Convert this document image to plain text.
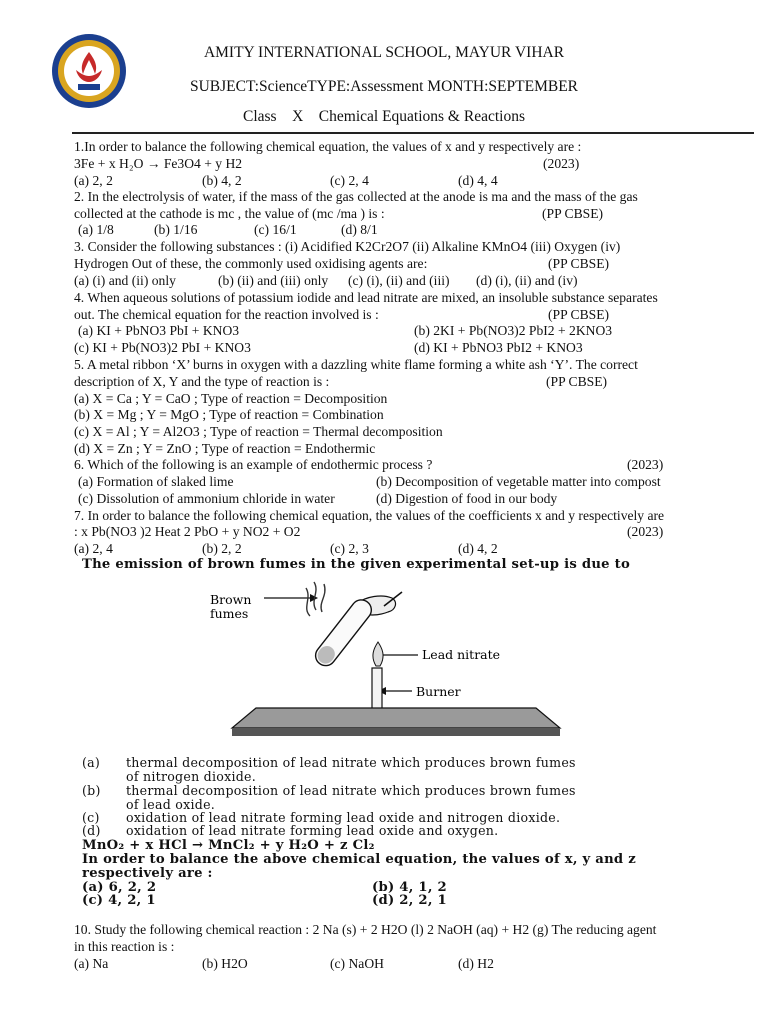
AMITY INTERNATIONAL SCHOOL, MAYUR VIHAR
SUBJECT:ScienceTYPE:Assessment MONTH:SEPTEMBER
Class X Chemical Equations & Reactions
1.In order to balance the following chemical equation, the values of x and y respectively are :
3Fe + x H₂O → Fe3O4 + y H2	(2023)
(a) 2, 2	(b) 4, 2	(c) 2, 4	(d) 4, 4
2. In the electrolysis of water, if the mass of the gas collected at the anode is ma and the mass of the gas
collected at the cathode is mc , the value of (mc /ma ) is :	(PP CBSE)
(a) 1/8	(b) 1/16	(c) 16/1	(d) 8/1
3. Consider the following substances : (i) Acidified K2Cr2O7 (ii) Alkaline KMnO4 (iii) Oxygen (iv)
Hydrogen Out of these, the commonly used oxidising agents are:	(PP CBSE)
(a) (i) and (ii) only	(b) (ii) and (iii) only (c) (i), (ii) and (iii) (d) (i), (ii) and (iv)
4. When aqueous solutions of potassium iodide and lead nitrate are mixed, an insoluble substance separates
out. The chemical equation for the reaction involved is :	(PP CBSE)
(a) KI + PbNO3 PbI + KNO3	(b) 2KI + Pb(NO3)2 PbI2 + 2KNO3
(c) KI + Pb(NO3)2 PbI + KNO3	(d) KI + PbNO3 PbI2 + KNO3
5. A metal ribbon ‘X’ burns in oxygen with a dazzling white flame forming a white ash ‘Y’. The correct
description of X, Y and the type of reaction is :	(PP CBSE)
(a) X = Ca ; Y = CaO ; Type of reaction = Decomposition
(b) X = Mg ; Y = MgO ; Type of reaction = Combination
(c) X = Al ; Y = Al2O3 ; Type of reaction = Thermal decomposition
(d) X = Zn ; Y = ZnO ; Type of reaction = Endothermic
6. Which of the following is an example of endothermic process ?	(2023)
(a) Formation of slaked lime	(b) Decomposition of vegetable matter into compost
(c) Dissolution of ammonium chloride in water	(d) Digestion of food in our body
7. In order to balance the following chemical equation, the values of the coefficients x and y respectively are
: x Pb(NO3 )2 Heat 2 PbO + y NO2 + O2	(2023)
(a) 2, 4	(b) 2, 2	(c) 2, 3	(d) 4, 2
The emission of brown fumes in the given experimental set-up is due to
Brown
fumes
Lead nitrate
Burner
(a) thermal decomposition of lead nitrate which produces brown fumes
of nitrogen dioxide.
(b) thermal decomposition of lead nitrate which produces brown fumes
of lead oxide.
(c) oxidation of lead nitrate forming lead oxide and nitrogen dioxide.
(d) oxidation of lead nitrate forming lead oxide and oxygen.
MnO₂ + x HCl → MnCl₂ + y H₂O + z Cl₂
In order to balance the above chemical equation, the values of x, y and z
respectively are :
(a) 6, 2, 2	(b) 4, 1, 2
(c) 4, 2, 1	(d) 2, 2, 1
10. Study the following chemical reaction : 2 Na (s) + 2 H2O (l) 2 NaOH (aq) + H2 (g) The reducing agent
in this reaction is :
(a) Na	(b) H2O	(c) NaOH	(d) H2
